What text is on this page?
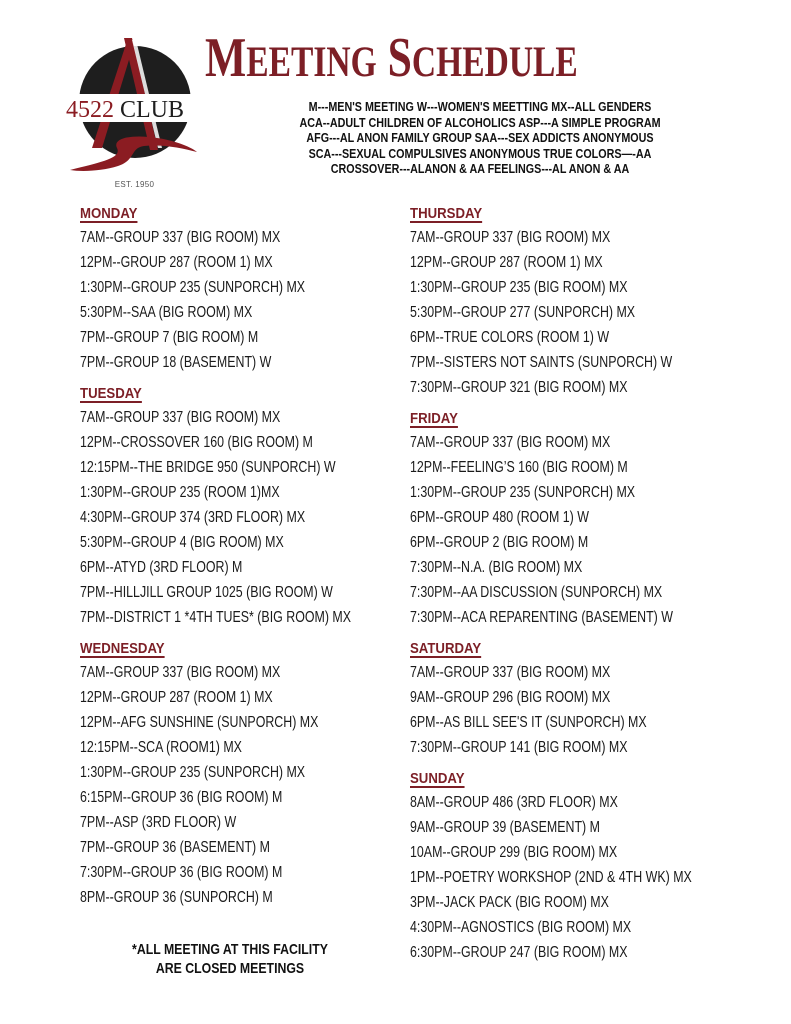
4522 CLUB
EST. 1950
MEETING SCHEDULE
M---MEN'S MEETING W---WOMEN'S MEETTING MX--ALL GENDERS
ACA--ADULT CHILDREN OF ALCOHOLICS ASP---A SIMPLE PROGRAM
AFG---AL ANON FAMILY GROUP SAA---SEX ADDICTS ANONYMOUS
SCA---SEXUAL COMPULSIVES ANONYMOUS TRUE COLORS—-AA
CROSSOVER---ALANON & AA FEELINGS---AL ANON & AA
MONDAY
7AM--GROUP 337 (BIG ROOM) MX
12PM--GROUP 287 (ROOM 1) MX
1:30PM--GROUP 235 (SUNPORCH) MX
5:30PM--SAA (BIG ROOM) MX
7PM--GROUP 7 (BIG ROOM) M
7PM--GROUP 18 (BASEMENT) W
TUESDAY
7AM--GROUP 337 (BIG ROOM) MX
12PM--CROSSOVER 160 (BIG ROOM) M
12:15PM--THE BRIDGE 950 (SUNPORCH) W
1:30PM--GROUP 235 (ROOM 1)MX
4:30PM--GROUP 374 (3RD FLOOR) MX
5:30PM--GROUP 4 (BIG ROOM) MX
6PM--ATYD (3RD FLOOR) M
7PM--HILLJILL GROUP 1025 (BIG ROOM) W
7PM--DISTRICT 1 *4TH TUES* (BIG ROOM) MX
WEDNESDAY
7AM--GROUP 337 (BIG ROOM) MX
12PM--GROUP 287 (ROOM 1) MX
12PM--AFG SUNSHINE (SUNPORCH) MX
12:15PM--SCA (ROOM1) MX
1:30PM--GROUP 235 (SUNPORCH) MX
6:15PM--GROUP 36 (BIG ROOM) M
7PM--ASP (3RD FLOOR) W
7PM--GROUP 36 (BASEMENT) M
7:30PM--GROUP 36 (BIG ROOM) M
8PM--GROUP 36 (SUNPORCH) M
THURSDAY
7AM--GROUP 337 (BIG ROOM) MX
12PM--GROUP 287 (ROOM 1) MX
1:30PM--GROUP 235 (BIG ROOM) MX
5:30PM--GROUP 277 (SUNPORCH) MX
6PM--TRUE COLORS (ROOM 1) W
7PM--SISTERS NOT SAINTS (SUNPORCH) W
7:30PM--GROUP 321 (BIG ROOM) MX
FRIDAY
7AM--GROUP 337 (BIG ROOM) MX
12PM--FEELING’S 160 (BIG ROOM) M
1:30PM--GROUP 235 (SUNPORCH) MX
6PM--GROUP 480 (ROOM 1) W
6PM--GROUP 2 (BIG ROOM) M
7:30PM--N.A. (BIG ROOM) MX
7:30PM--AA DISCUSSION (SUNPORCH) MX
7:30PM--ACA REPARENTING (BASEMENT) W
SATURDAY
7AM--GROUP 337 (BIG ROOM) MX
9AM--GROUP 296 (BIG ROOM) MX
6PM--AS BILL SEE'S IT (SUNPORCH) MX
7:30PM--GROUP 141 (BIG ROOM) MX
SUNDAY
8AM--GROUP 486 (3RD FLOOR) MX
9AM--GROUP 39 (BASEMENT) M
10AM--GROUP 299 (BIG ROOM) MX
1PM--POETRY WORKSHOP (2ND & 4TH WK) MX
3PM--JACK PACK (BIG ROOM) MX
4:30PM--AGNOSTICS (BIG ROOM) MX
6:30PM--GROUP 247 (BIG ROOM) MX
*ALL MEETING AT THIS FACILITY
ARE CLOSED MEETINGS
